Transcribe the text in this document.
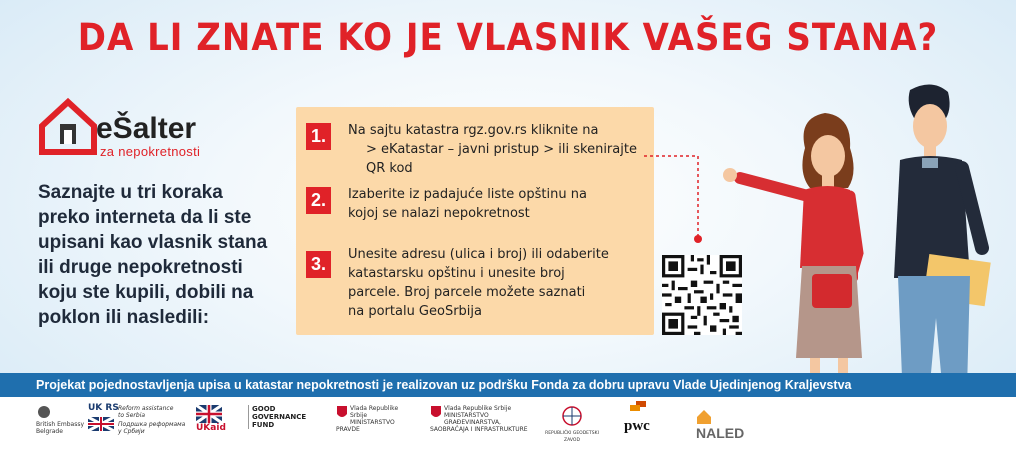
DA LI ZNATE KO JE VLASNIK VAŠEG STANA?
eŠalter
za nepokretnosti
Saznajte u tri koraka
preko interneta da li ste
upisani kao vlasnik stana
ili druge nepokretnosti
koju ste kupili, dobili na
poklon ili nasledili:
1.	Na sajtu katastra rgz.gov.rs kliknite na
> eKatastar – javni pristup > ili skenirajte QR kod
2.	Izaberite iz padajuće liste opštinu na
kojoj se nalazi nepokretnost
3.	Unesite adresu (ulica i broj) ili odaberite
katastarsku opštinu i unesite broj
parcele. Broj parcele možete saznati
na portalu GeoSrbija
Projekat pojednostavljenja upisa u katastar nepokretnosti je realizovan uz podršku Fonda za dobru upravu Vlade Ujedinjenog Kraljevstva
British Embassy
Belgrade
UK RS Reform assistance
to Serbia
Подршка реформама
у Србији	UKaid
GOOD
GOVERNANCE
FUND
Vlada Republike Srbije
MINISTARSTVO PRAVDE
Vlada Republike Srbije
MINISTARSTVO GRAĐEVINARSTVA,
SAOBRAĆAJA I INFRASTRUKTURE
REPUBLIČKI GEODETSKI ZAVOD
pwc	NALED
